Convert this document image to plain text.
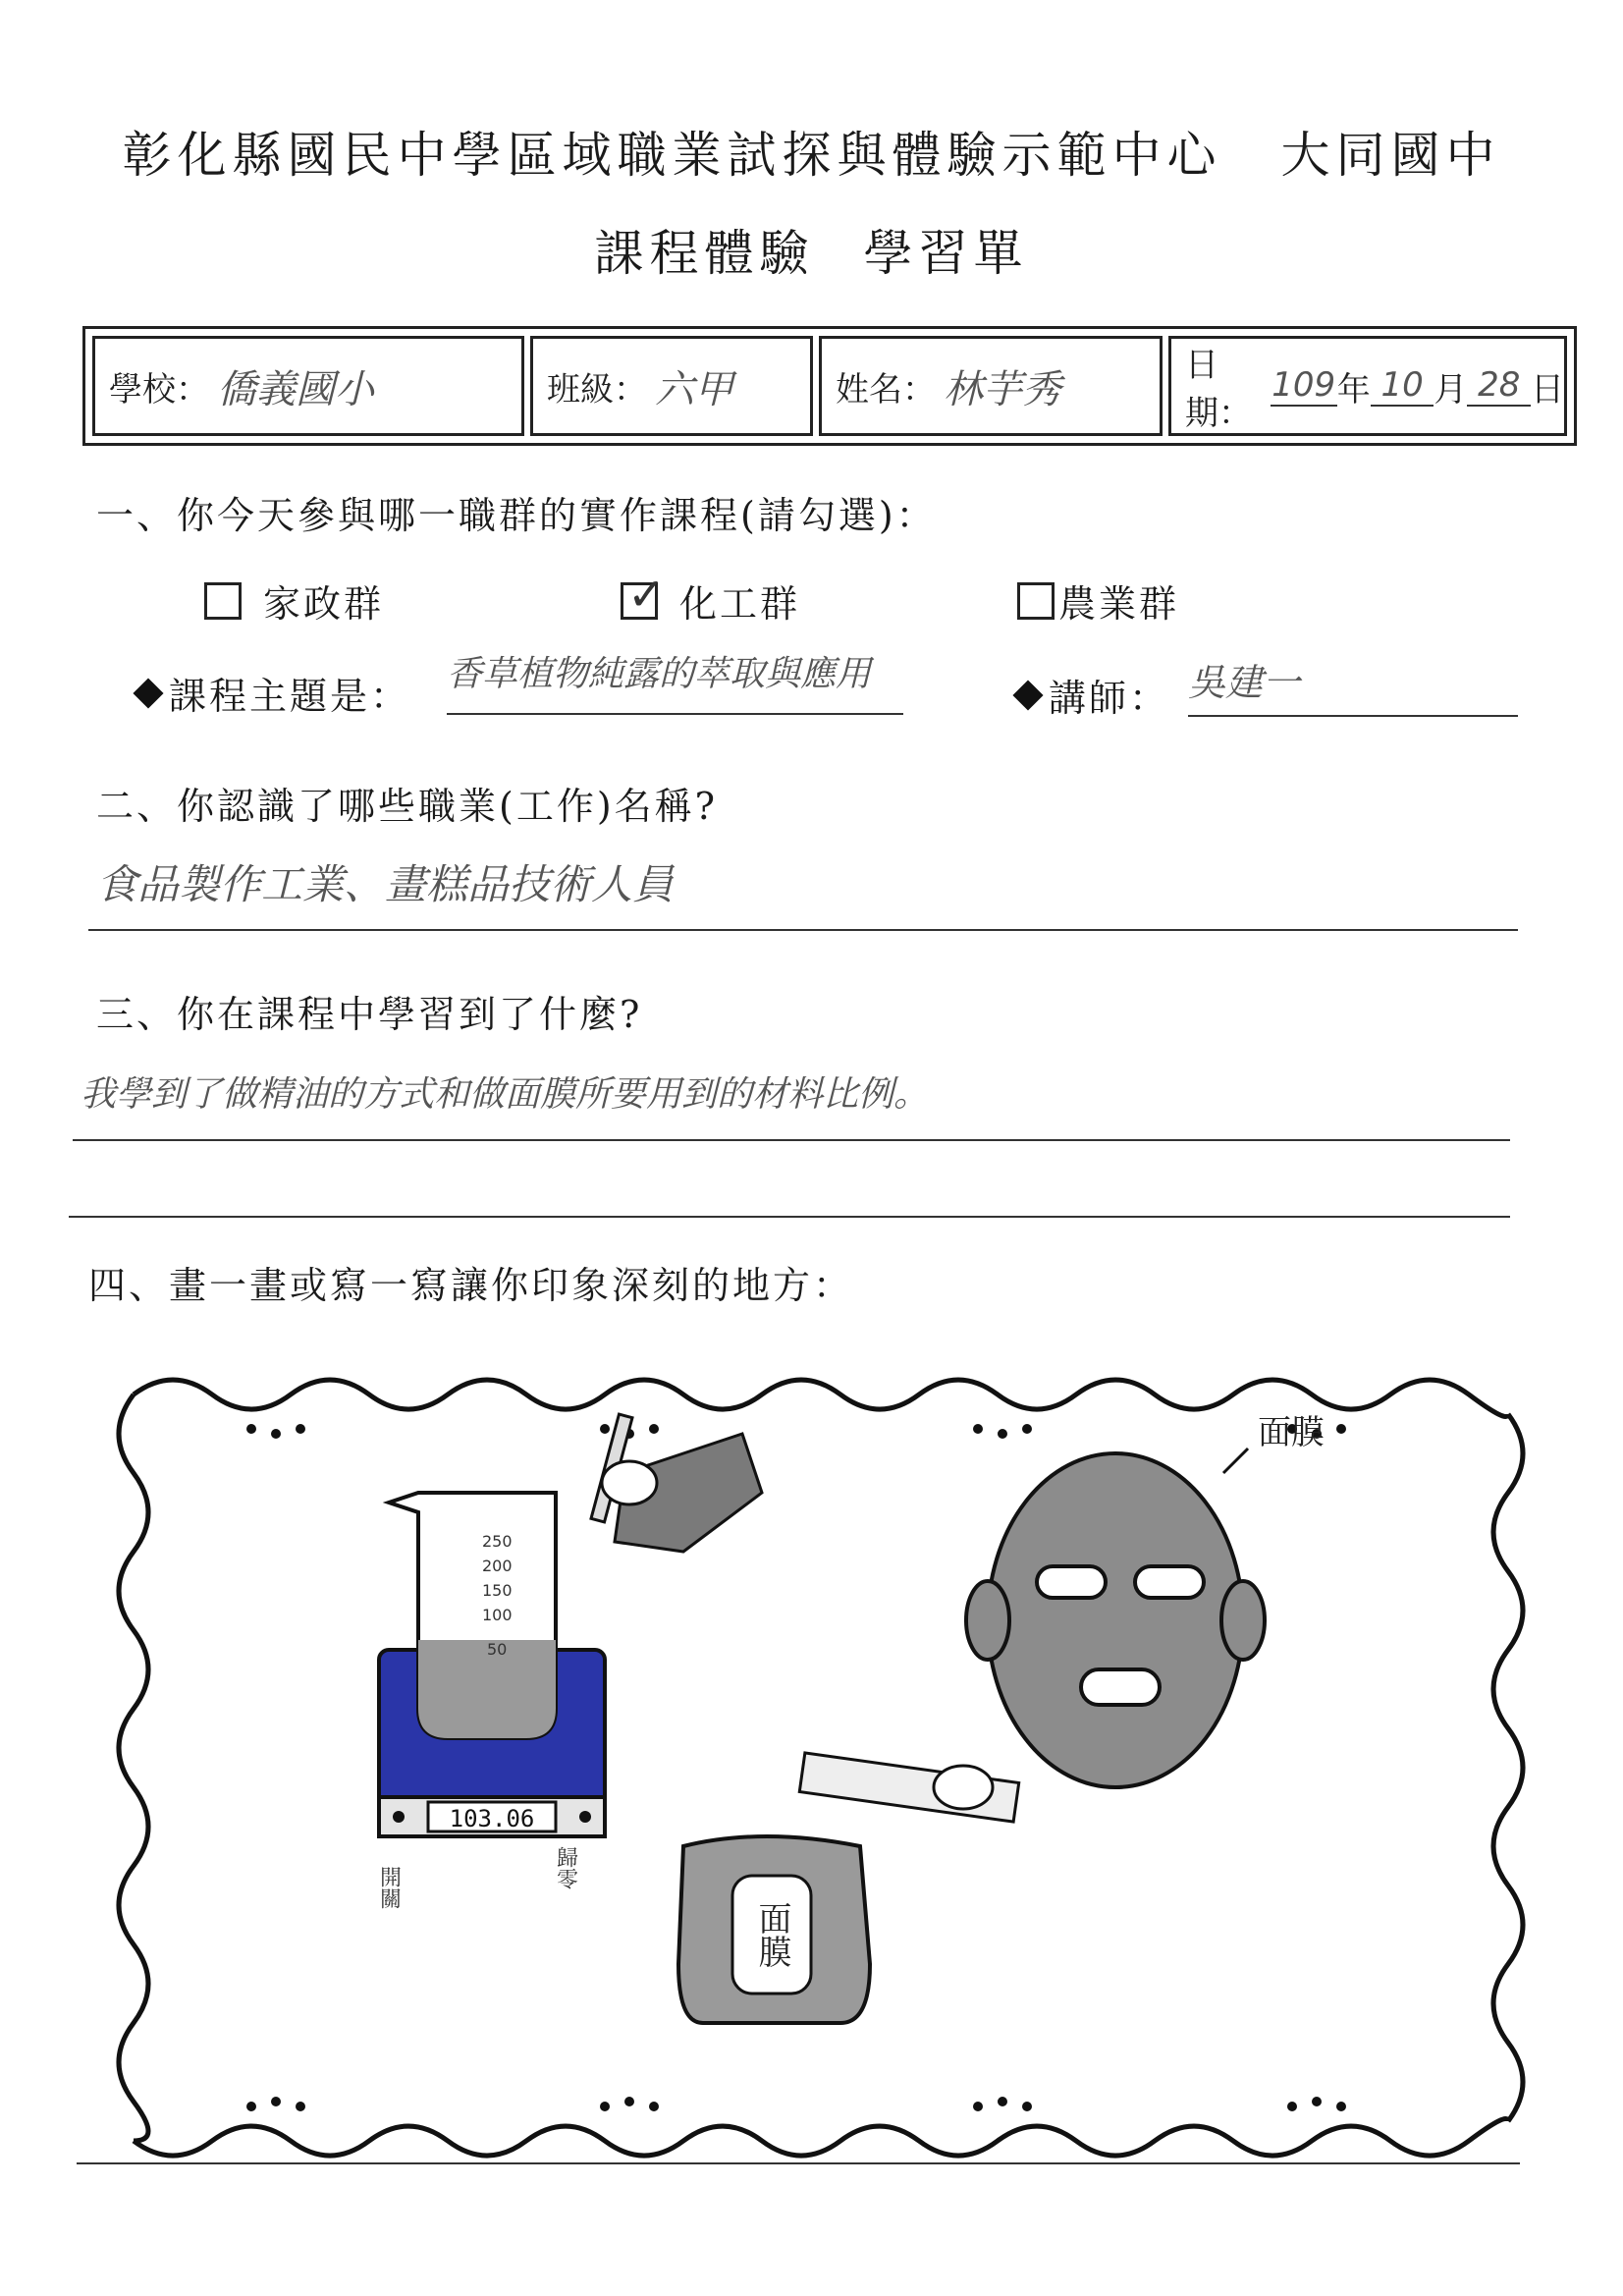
彰化縣國民中學區域職業試探與體驗示範中心 大同國中
課程體驗 學習單
學校： 僑義國小	班級： 六甲	姓名： 林芋秀
日期：
109 年 10 月 28 日
一、你今天參與哪一職群的實作課程(請勾選)：
家政群	✓ 化工群	農業群
課程主題是：
香草植物純露的萃取與應用
講師： 吳建一
二、你認識了哪些職業(工作)名稱?
食品製作工業、畫糕品技術人員
三、你在課程中學習到了什麼?
我學到了做精油的方式和做面膜所要用到的材料比例。
四、畫一畫或寫一寫讓你印象深刻的地方：
103.06
開關	歸零
250
200
150
100
50
面膜
面膜
